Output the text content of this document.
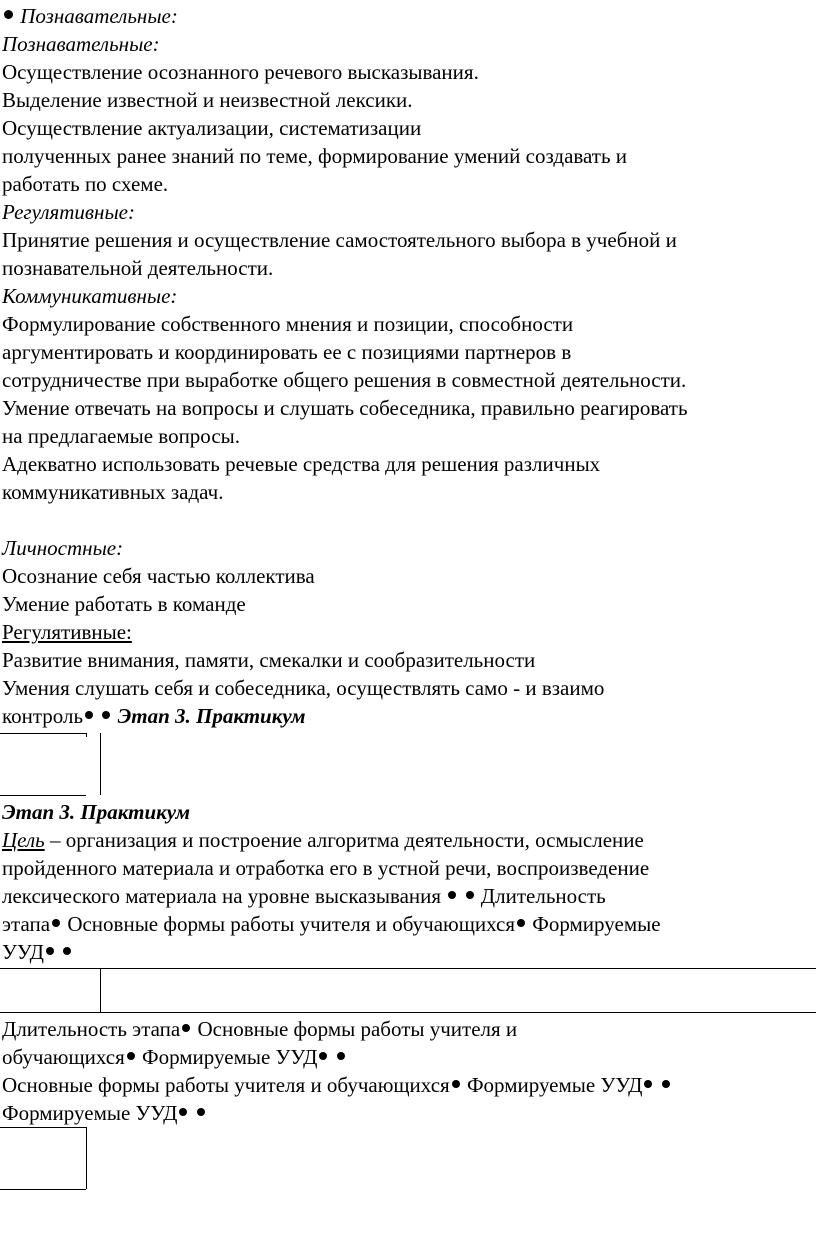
Познавательные:
Познавательные:
Осуществление осознанного речевого высказывания.
Выделение известной и неизвестной лексики.
Осуществление актуализации, систематизации
полученных ранее знаний по теме, формирование умений создавать и
работать по схеме.
Регулятивные:
Принятие решения и осуществление самостоятельного выбора в учебной и
познавательной деятельности.
Коммуникативные:
Формулирование собственного мнения и позиции, способности
аргументировать и координировать ее с позициями партнеров в
сотрудничестве при выработке общего решения в совместной деятельности.
Умение отвечать на вопросы и слушать собеседника, правильно реагировать
на предлагаемые вопросы.
Адекватно использовать речевые средства для решения различных
коммуникативных задач.
Личностные:
Осознание себя частью коллектива
Умение работать в команде
Регулятивные:
Развитие внимания, памяти, смекалки и сообразительности
Умения слушать себя и собеседника, осуществлять само - и взаимо
контроль Этап 3. Практикум
Этап 3. Практикум
Цель – организация и построение алгоритма деятельности, осмысление
пройденного материала и отработка его в устной речи, воспроизведение
лексического материала на уровне высказывания Длительность
этапа Основные формы работы учителя и обучающихся Формируемые
УУД
Длительность этапа Основные формы работы учителя и
обучающихся Формируемые УУД
Основные формы работы учителя и обучающихся Формируемые УУД
Формируемые УУД
